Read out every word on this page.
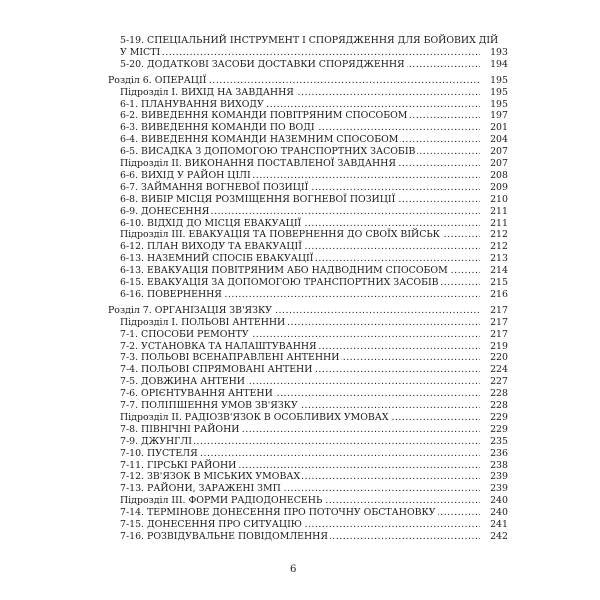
5-19. СПЕЦІАЛЬНИЙ ІНСТРУМЕНТ І СПОРЯДЖЕННЯ ДЛЯ БОЙОВИХ ДІЙ
.....
У МІСТІ	193
.....
5-20. ДОДАТКОВІ ЗАСОБИ ДОСТАВКИ СПОРЯДЖЕННЯ	194
.....
Розділ 6. ОПЕРАЦІЇ	195
.....
Підрозділ І. ВИХІД НА ЗАВДАННЯ	195
.....
6-1. ПЛАНУВАННЯ ВИХОДУ	195
.....
6-2. ВИВЕДЕННЯ КОМАНДИ ПОВІТРЯНИМ СПОСОБОМ	197
.....
6-3. ВИВЕДЕННЯ КОМАНДИ ПО ВОДІ	201
.....
6-4. ВИВЕДЕННЯ КОМАНДИ НАЗЕМНИМ СПОСОБОМ	204
.....
6-5. ВИСАДКА З ДОПОМОГОЮ ТРАНСПОРТНИХ ЗАСОБІВ	207
.....
Підрозділ ІІ. ВИКОНАННЯ ПОСТАВЛЕНОЇ ЗАВДАННЯ	207
.....
6-6. ВИХІД У РАЙОН ЦІЛІ	208
.....
6-7. ЗАЙМАННЯ ВОГНЕВОЇ ПОЗИЦІЇ	209
.....
6-8. ВИБІР МІСЦЯ РОЗМІЩЕННЯ ВОГНЕВОЇ ПОЗИЦІЇ	210
.....
6-9. ДОНЕСЕННЯ	211
.....
6-10. ВІДХІД ДО МІСЦЯ ЕВАКУАЦІЇ	211
.....
Підрозділ ІІІ. ЕВАКУАЦІЯ ТА ПОВЕРНЕННЯ ДО СВОЇХ ВІЙСЬК	212
.....
6-12. ПЛАН ВИХОДУ ТА ЕВАКУАЦІЇ	212
.....
6-13. НАЗЕМНИЙ СПОСІБ ЕВАКУАЦІЇ	213
.....
6-13. ЕВАКУАЦІЯ ПОВІТРЯНИМ АБО НАДВОДНИМ СПОСОБОМ	214
.....
6-15. ЕВАКУАЦІЯ ЗА ДОПОМОГОЮ ТРАНСПОРТНИХ ЗАСОБІВ	215
.....
6-16. ПОВЕРНЕННЯ	216
.....
Розділ 7. ОРГАНІЗАЦІЯ ЗВ'ЯЗКУ	217
.....
Підрозділ І. ПОЛЬОВІ АНТЕННИ	217
.....
7-1. СПОСОБИ РЕМОНТУ	217
.....
7-2. УСТАНОВКА ТА НАЛАШТУВАННЯ	219
.....
7-3. ПОЛЬОВІ ВСЕНАПРАВЛЕНІ АНТЕННИ	220
.....
7-4. ПОЛЬОВІ СПРЯМОВАНІ АНТЕНИ	224
.....
7-5. ДОВЖИНА АНТЕНИ	227
.....
7-6. ОРІЄНТУВАННЯ АНТЕНИ	228
.....
7-7. ПОЛІПШЕННЯ УМОВ ЗВ'ЯЗКУ	228
.....
Підрозділ ІІ. РАДІОЗВ'ЯЗОК В ОСОБЛИВИХ УМОВАХ	229
.....
7-8. ПІВНІЧНІ РАЙОНИ	229
.....
7-9. ДЖУНГЛІ	235
.....
7-10. ПУСТЕЛЯ	236
.....
7-11. ГІРСЬКІ РАЙОНИ	238
.....
7-12. ЗВ'ЯЗОК В МІСЬКИХ УМОВАХ	239
.....
7-13. РАЙОНИ, ЗАРАЖЕНІ ЗМП	239
.....
Підрозділ ІІІ. ФОРМИ РАДІОДОНЕСЕНЬ	240
.....
7-14. ТЕРМІНОВЕ ДОНЕСЕННЯ ПРО ПОТОЧНУ ОБСТАНОВКУ	240
.....
7-15. ДОНЕСЕННЯ ПРО СИТУАЦІЮ	241
.....
7-16. РОЗВІДУВАЛЬНЕ ПОВІДОМЛЕННЯ	242
6
